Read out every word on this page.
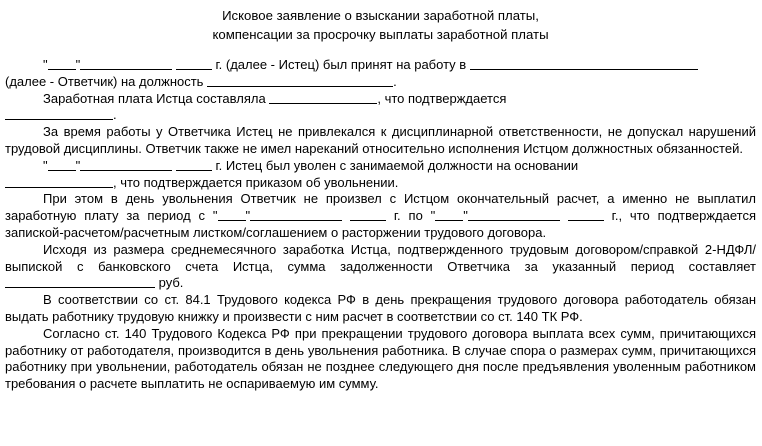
Исковое заявление о взыскании заработной платы,
компенсации за просрочку выплаты заработной платы

" "	г. (далее - Истец) был принят на работу в

(далее - Ответчик) на должность	.

Заработная плата Истца составляла	, что подтверждается

.

За время работы у Ответчика Истец не привлекался к дисциплинарной ответственности, не допускал нарушений трудовой дисциплины. Ответчик также не имел нареканий относительно исполнения Истцом должностных обязанностей.

" "	г. Истец был уволен с занимаемой должности на основании

, что подтверждается приказом об увольнении.

При этом в день увольнения Ответчик не произвел с Истцом окончательный расчет, а именно не выплатил заработную плату за период с " "	г. по " "	г., что подтверждается запиской-расчетом/расчетным листком/соглашением о расторжении трудового договора.

Исходя из размера среднемесячного заработка Истца, подтвержденного трудовым договором/справкой 2-НДФЛ/выпиской с банковского счета Истца, сумма задолженности Ответчика за указанный период составляет  руб.

В соответствии со ст. 84.1 Трудового кодекса РФ в день прекращения трудового договора работодатель обязан выдать работнику трудовую книжку и произвести с ним расчет в соответствии со ст. 140 ТК РФ.

Согласно ст. 140 Трудового Кодекса РФ при прекращении трудового договора выплата всех сумм, причитающихся работнику от работодателя, производится в день увольнения работника. В случае спора о размерах сумм, причитающихся работнику при увольнении, работодатель обязан не позднее следующего дня после предъявления уволенным работником требования о расчете выплатить не оспариваемую им сумму.
